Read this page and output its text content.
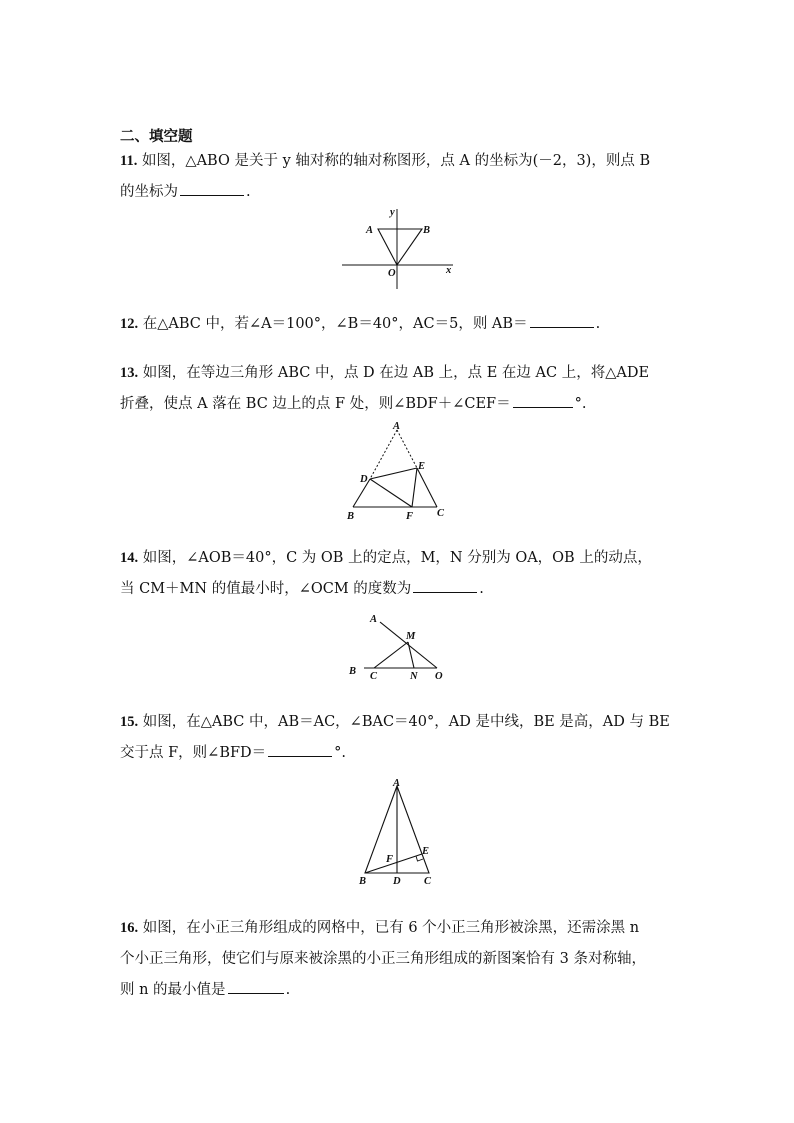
二、填空题
11. 如图，△ABO 是关于 y 轴对称的轴对称图形，点 A 的坐标为(－2，3)，则点 B
的坐标为	.
A	B
O	x
y
12. 在△ABC 中，若∠A＝100°，∠B＝40°，AC＝5，则 AB＝	.
13. 如图，在等边三角形 ABC 中，点 D 在边 AB 上，点 E 在边 AC 上，将△ADE
折叠，使点 A 落在 BC 边上的点 F 处，则∠BDF＋∠CEF＝	°.
A
B	C
D
E
F
14. 如图，∠AOB＝40°，C 为 OB 上的定点，M，N 分别为 OA，OB 上的动点，
当 CM＋MN 的值最小时，∠OCM 的度数为	.
A
B C
M
N O
15. 如图，在△ABC 中，AB＝AC，∠BAC＝40°，AD 是中线，BE 是高，AD 与 BE
交于点 F，则∠BFD＝	°.
A
B	C
D
E
F
16. 如图，在小正三角形组成的网格中，已有 6 个小正三角形被涂黑，还需涂黑 n
个小正三角形，使它们与原来被涂黑的小正三角形组成的新图案恰有 3 条对称轴，
则 n 的最小值是	.
